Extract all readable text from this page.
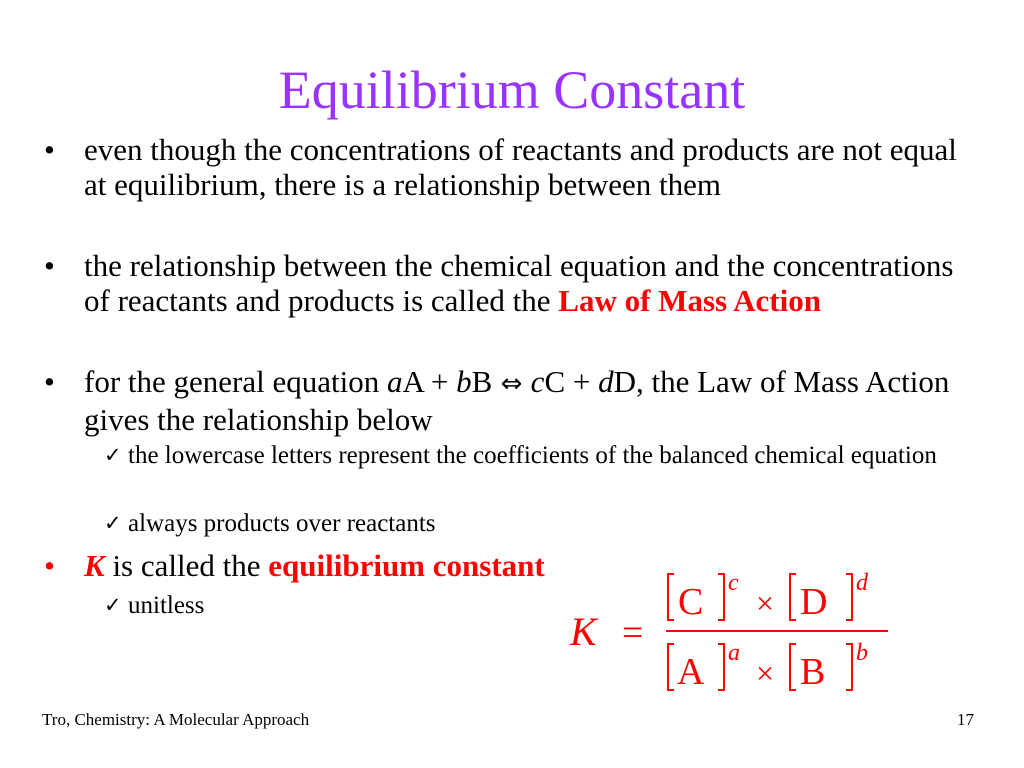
Equilibrium Constant
• even though the concentrations of reactants and products are not equal at equilibrium, there is a relationship between them
• the relationship between the chemical equation and the concentrations of reactants and products is called the Law of Mass Action
• for the general equation aA + bB ⇔ cC + dD, the Law of Mass Action gives the relationship below
✓ the lowercase letters represent the coefficients of the balanced chemical equation
✓ always products over reactants
• K is called the equilibrium constant
✓ unitless
K =
C c
× D d
A a
× B b
Tro, Chemistry: A Molecular Approach	17
